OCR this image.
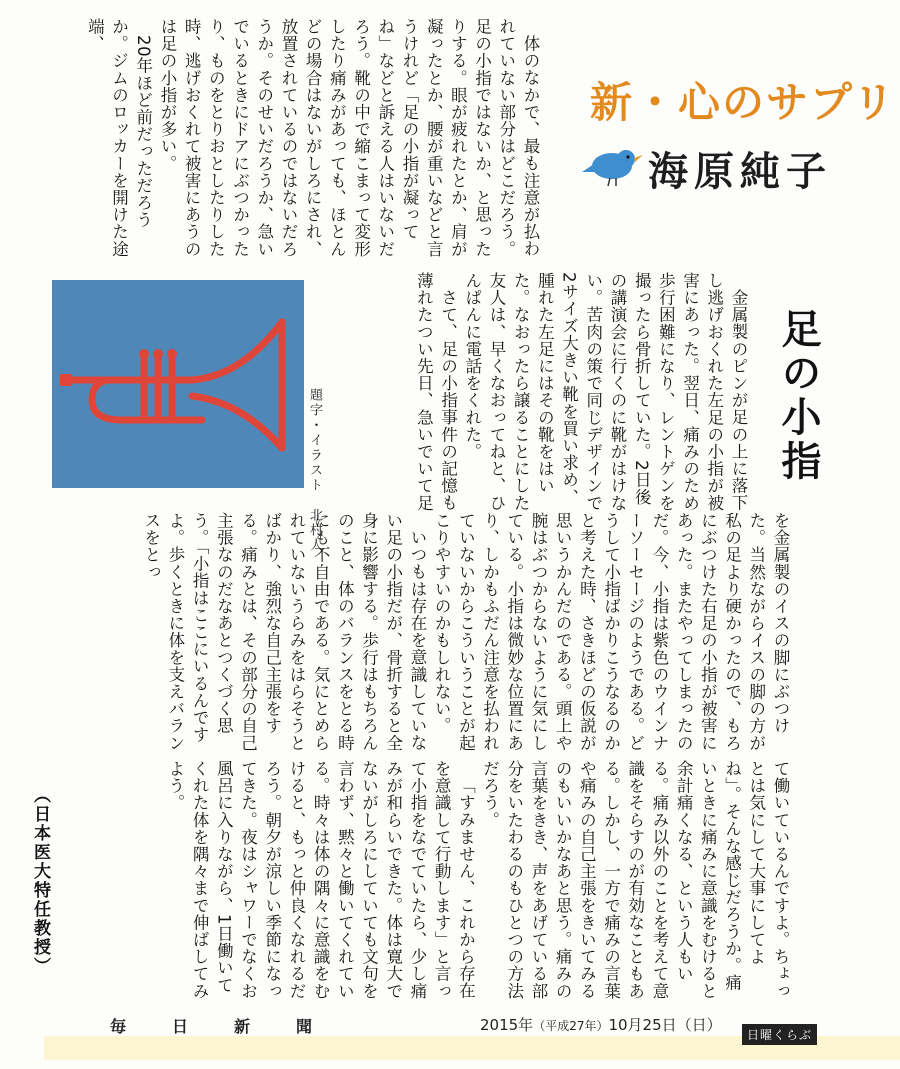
新・心のサプリ
海原純子
足の小指

体のなかで、最も注意が払われていない部分はどこだろう。足の小指ではないか、と思ったりする。眼が疲れたとか、肩が凝ったとか、腰が重いなどと言うけれど「足の小指が凝ってね」などと訴える人はいないだろう。靴の中で縮こまって変形したり痛みがあっても、ほとんどの場合はないがしろにされ、放置されているのではないだろうか。そのせいだろうか、急いでいるときにドアにぶつかったり、ものをとりおとしたりした時、逃げおくれて被害にあうのは足の小指が多い。

20年ほど前だっただろうか。ジムのロッカーを開けた途端、

題字・イラスト　北村人	金属製のピンが足の上に落下し逃げおくれた左足の小指が被害にあった。翌日、痛みのため歩行困難になり、レントゲンを撮ったら骨折していた。2日後の講演会に行くのに靴がはけない。苦肉の策で同じデザインで2サイズ大きい靴を買い求め、腫れた左足にはその靴をはいた。なおったら譲ることにした友人は、早くなおってねと、ひんぱんに電話をくれた。

さて、足の小指事件の記憶も薄れたつい先日、急いでいて足

を金属製のイスの脚にぶつけた。当然ながらイスの脚の方が私の足より硬かったので、もろにぶつけた右足の小指が被害にあった。またやってしまったのだ。今、小指は紫色のウインナーソーセージのようである。どうして小指ばかりこうなるのかと考えた時、さきほどの仮説が思いうかんだのである。頭上や腕はぶつからないように気にしている。小指は微妙な位置にあり、しかもふだん注意を払われていないからこういうことが起こりやすいのかもしれない。

いつもは存在を意識していない足の小指だが、骨折すると全身に影響する。歩行はもちろんのこと、体のバランスをとる時にも不自由である。気にとめられていないうらみをはらそうとばかり、強烈な自己主張をする。痛みとは、その部分の自己主張なのだなあとつくづく思う。「小指はここにいるんですよ。歩くときに体を支えバランスをとっ

て働いているんですよ。ちょっとは気にして大事にしてよね」。そんな感じだろうか。痛いときに痛みに意識をむけると余計痛くなる、という人もいる。痛み以外のことを考えて意識をそらすのが有効なこともある。しかし、一方で痛みの言葉や痛みの自己主張をきいてみるのもいいかなあと思う。痛みの言葉をきき、声をあげている部分をいたわるのもひとつの方法だろう。

「すみません、これから存在を意識して行動します」と言って小指をなでていたら、少し痛みが和らいできた。体は寛大でないがしろにしていても文句を言わず、黙々と働いてくれている。時々は体の隅々に意識をむけると、もっと仲良くなれるだろう。朝夕が涼しい季節になってきた。夜はシャワーでなくお風呂に入りながら、1日働いてくれた体を隅々まで伸ばしてみよう。

（日本医大特任教授）
毎日新聞	2015年（平成27年）10月25日（日）
日曜くらぶ
